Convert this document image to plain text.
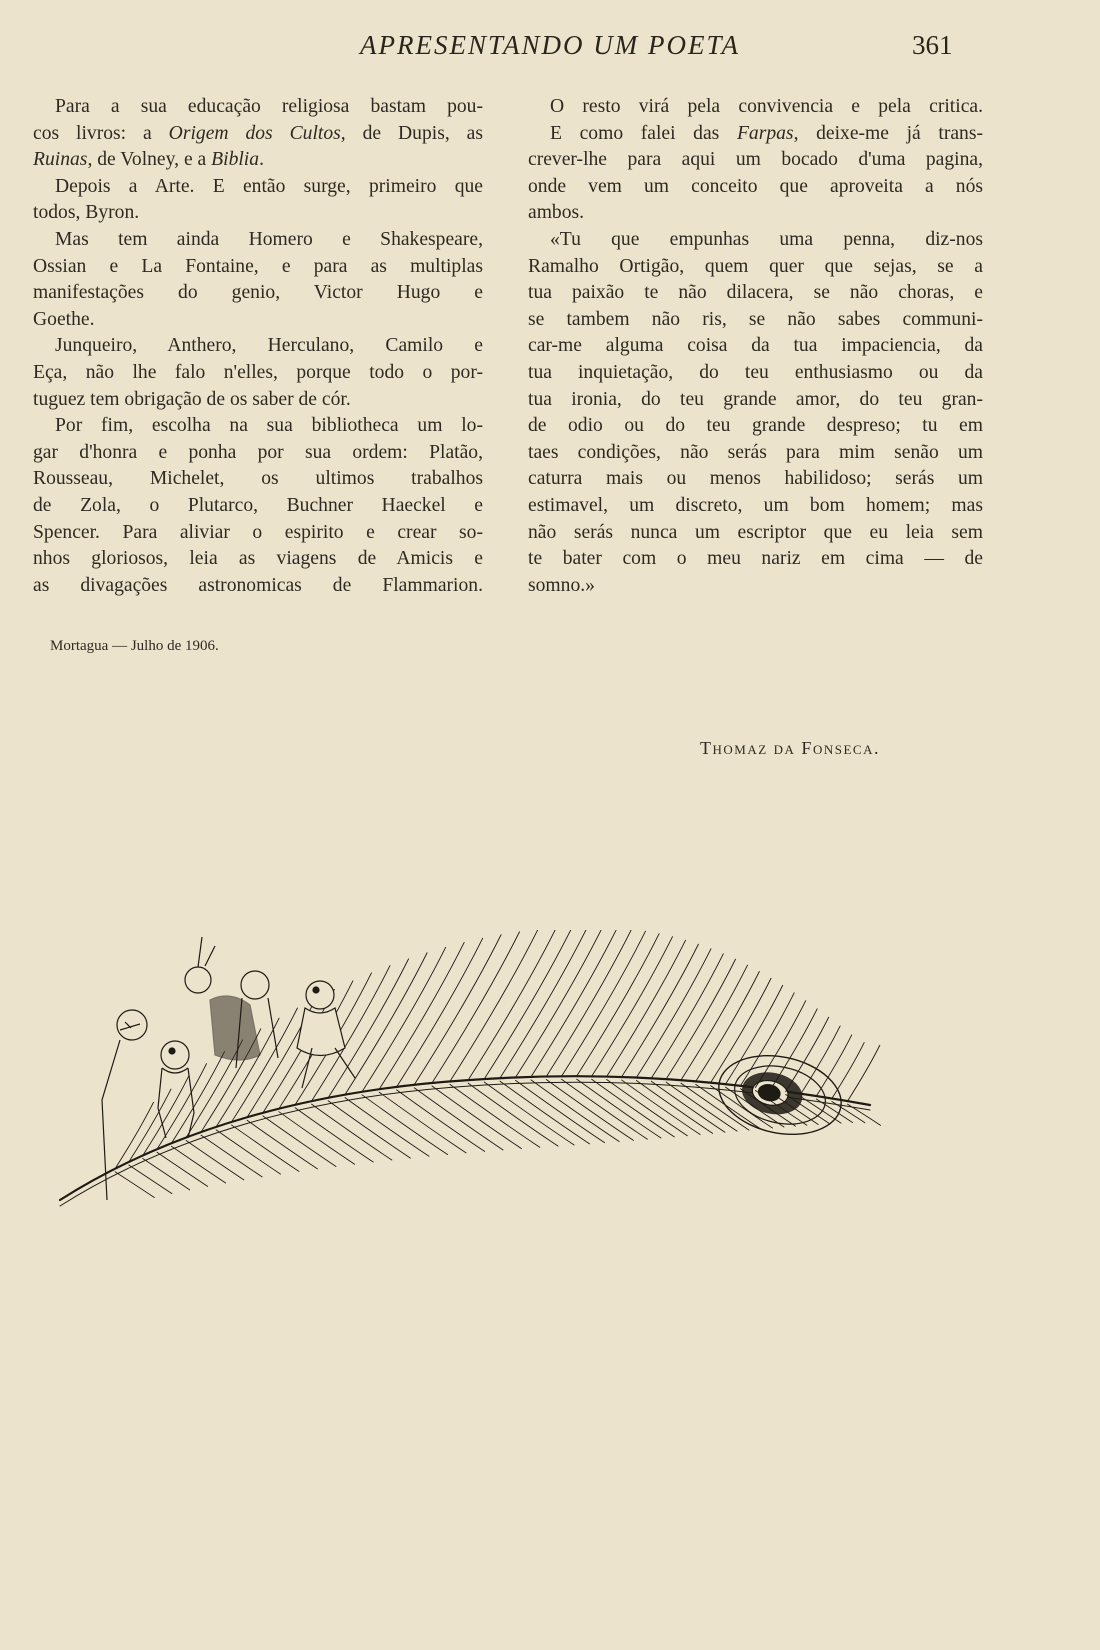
APRESENTANDO UM POETA	361
Para a sua educação religiosa bastam pou-
cos livros: a Origem dos Cultos, de Dupis, as
Ruinas, de Volney, e a Biblia.
Depois a Arte. E então surge, primeiro que
todos, Byron.
Mas tem ainda Homero e Shakespeare,
Ossian e La Fontaine, e para as multiplas
manifestações do genio, Victor Hugo e
Goethe.
Junqueiro, Anthero, Herculano, Camilo e
Eça, não lhe falo n'elles, porque todo o por-
tuguez tem obrigação de os saber de cór.
Por fim, escolha na sua bibliotheca um lo-
gar d'honra e ponha por sua ordem: Platão,
Rousseau, Michelet, os ultimos trabalhos
de Zola, o Plutarco, Buchner Haeckel e
Spencer. Para aliviar o espirito e crear so-
nhos gloriosos, leia as viagens de Amicis e
as divagações astronomicas de Flammarion.
O resto virá pela convivencia e pela critica.
E como falei das Farpas, deixe-me já trans-
crever-lhe para aqui um bocado d'uma pagina,
onde vem um conceito que aproveita a nós
ambos.
«Tu que empunhas uma penna, diz-nos
Ramalho Ortigão, quem quer que sejas, se a
tua paixão te não dilacera, se não choras, e
se tambem não ris, se não sabes communi-
car-me alguma coisa da tua impaciencia, da
tua inquietação, do teu enthusiasmo ou da
tua ironia, do teu grande amor, do teu gran-
de odio ou do teu grande despreso; tu em
taes condições, não serás para mim senão um
caturra mais ou menos habilidoso; serás um
estimavel, um discreto, um bom homem; mas
não serás nunca um escriptor que eu leia sem
te bater com o meu nariz em cima — de
somno.»
Mortagua — Julho de 1906.
Thomaz da Fonseca.
